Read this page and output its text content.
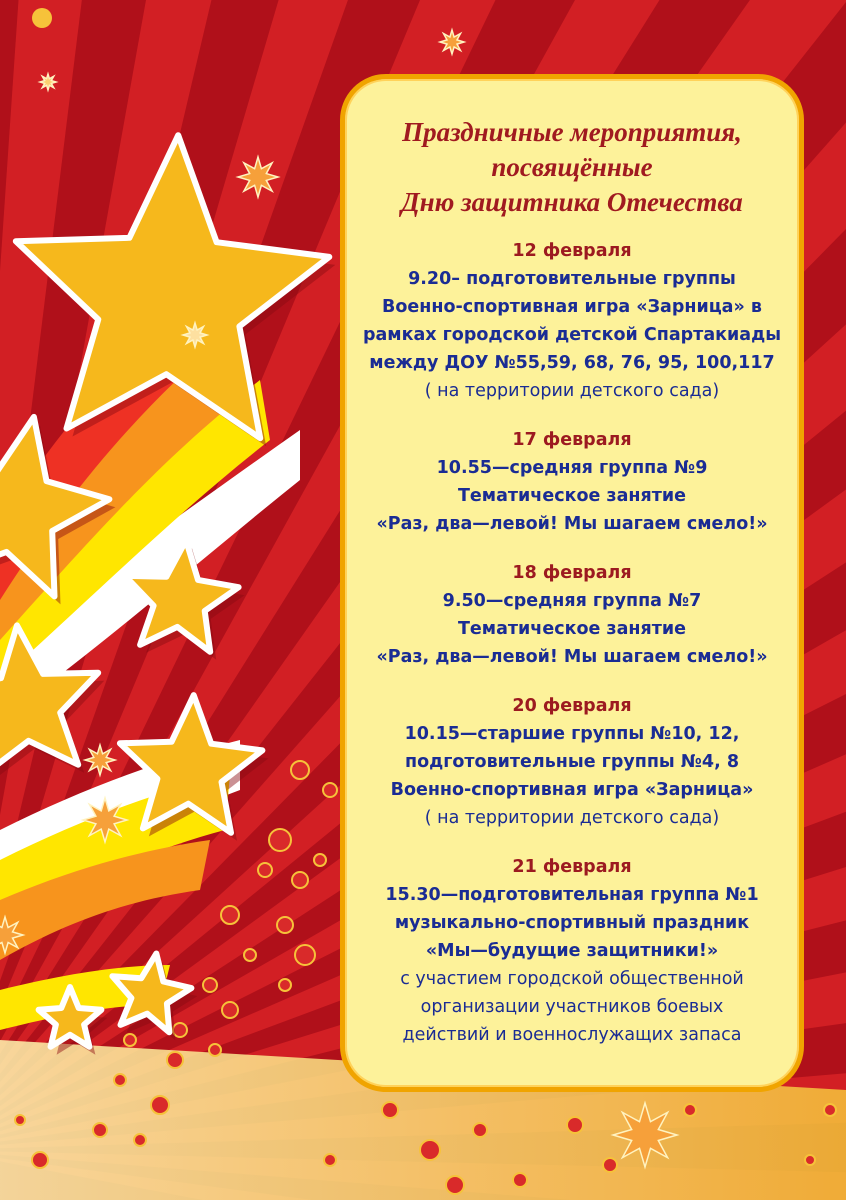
Праздничные мероприятия,
посвящённые
Дню защитника Отечества
12 февраля
9.20– подготовительные группы
Военно-спортивная игра «Зарница» в
рамках городской детской Спартакиады
между ДОУ №55,59, 68, 76, 95, 100,117
( на территории детского сада)
17 февраля
10.55—средняя группа №9
Тематическое занятие
«Раз, два—левой! Мы шагаем смело!»
18 февраля
9.50—средняя группа №7
Тематическое занятие
«Раз, два—левой! Мы шагаем смело!»
20 февраля
10.15—старшие группы №10, 12,
подготовительные группы №4, 8
Военно-спортивная игра «Зарница»
( на территории детского сада)
21 февраля
15.30—подготовительная группа №1
музыкально-спортивный праздник
«Мы—будущие защитники!»
с участием городской общественной
организации участников боевых
действий и военнослужащих запаса
